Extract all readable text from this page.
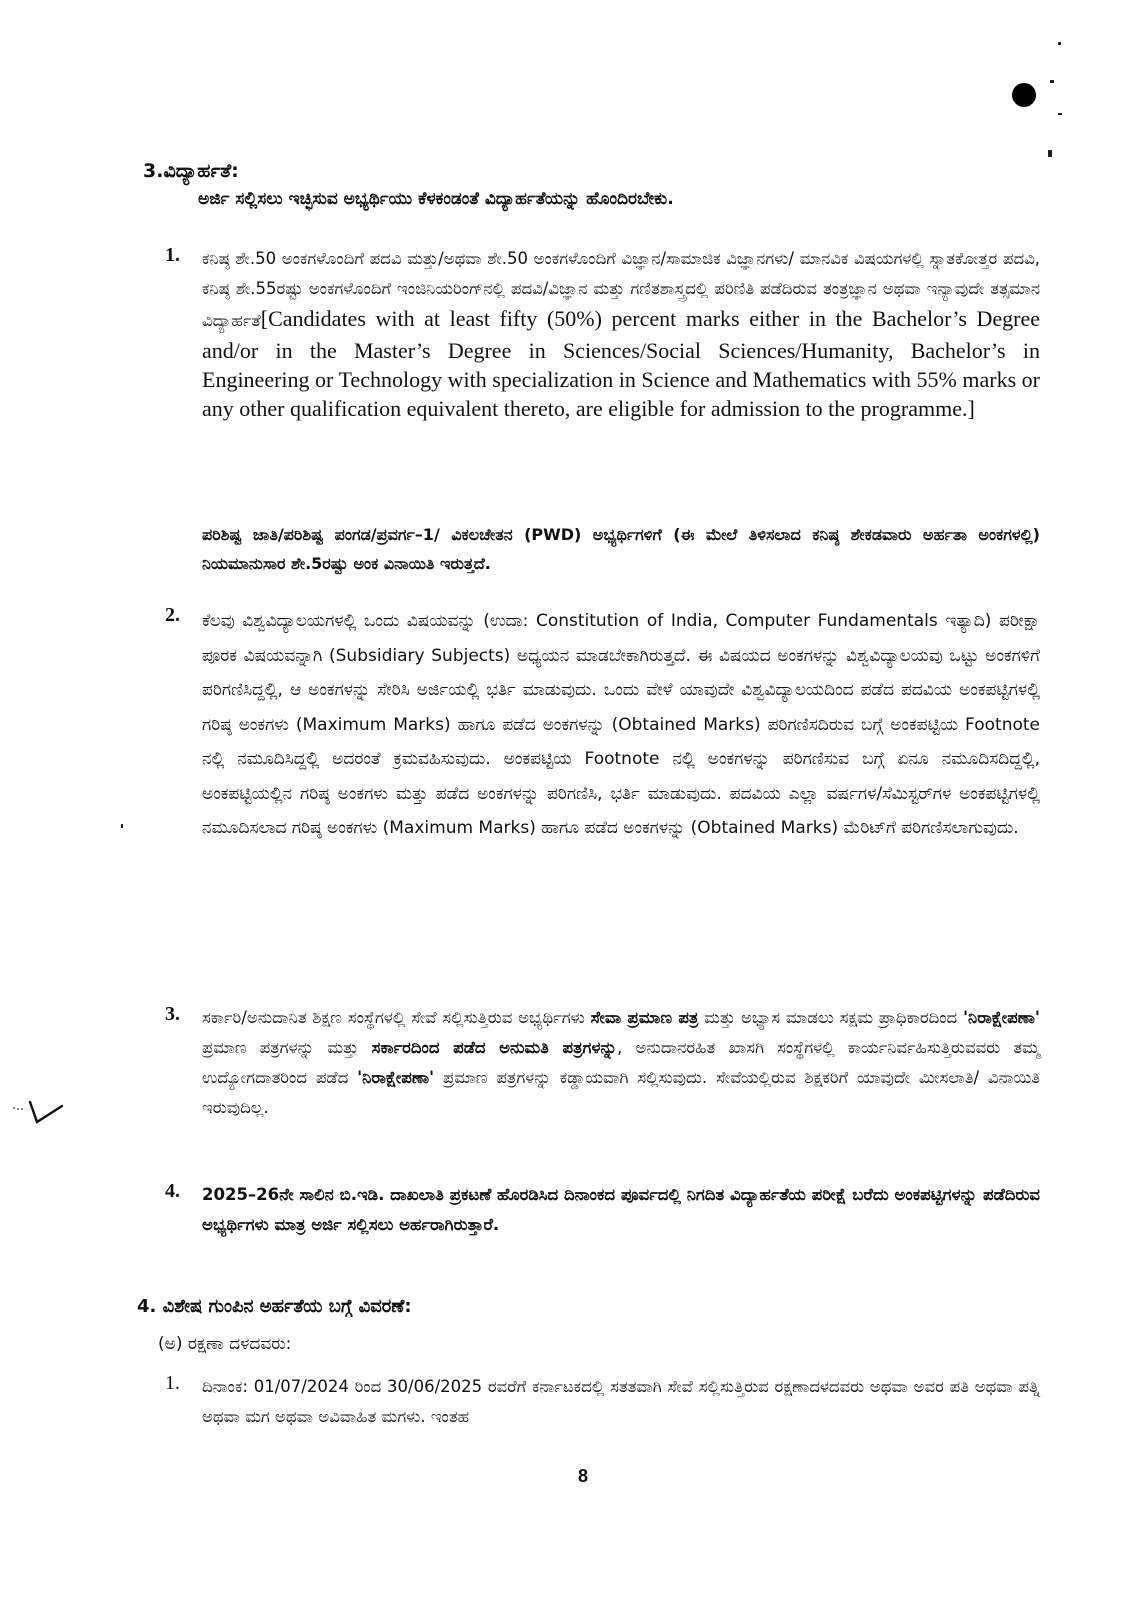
3.ವಿದ್ಯಾರ್ಹತೆ:
ಅರ್ಜಿ ಸಲ್ಲಿಸಲು ಇಚ್ಛಿಸುವ ಅಭ್ಯರ್ಥಿಯು ಕೆಳಕಂಡಂತೆ ವಿದ್ಯಾರ್ಹತೆಯನ್ನು ಹೊಂದಿರಬೇಕು.
1.	ಕನಿಷ್ಠ ಶೇ.50 ಅಂಕಗಳೊಂದಿಗೆ ಪದವಿ ಮತ್ತು/ಅಥವಾ ಶೇ.50 ಅಂಕಗಳೊಂದಿಗೆ ವಿಜ್ಞಾನ/ಸಾಮಾಜಿಕ ವಿಜ್ಞಾನಗಳು/ ಮಾನವಿಕ ವಿಷಯಗಳಲ್ಲಿ ಸ್ನಾತಕೋತ್ತರ ಪದವಿ, ಕನಿಷ್ಠ ಶೇ.55ರಷ್ಟು ಅಂಕಗಳೊಂದಿಗೆ ಇಂಜಿನಿಯರಿಂಗ್‌ನಲ್ಲಿ ಪದವಿ/ವಿಜ್ಞಾನ ಮತ್ತು ಗಣಿತಶಾಸ್ತ್ರದಲ್ಲಿ ಪರಿಣಿತಿ ಪಡೆದಿರುವ ತಂತ್ರಜ್ಞಾನ ಅಥವಾ ಇನ್ಯಾವುದೇ ತತ್ಸಮಾನ ವಿದ್ಯಾರ್ಹತೆ[Candidates with at least fifty (50%) percent marks either in the Bachelor’s Degree and/or in the Master’s Degree in Sciences/Social Sciences/Humanity, Bachelor’s in Engineering or Technology with specialization in Science and Mathematics with 55% marks or any other qualification equivalent thereto, are eligible for admission to the programme.]
ಪರಿಶಿಷ್ಟ ಜಾತಿ/ಪರಿಶಿಷ್ಟ ಪಂಗಡ/ಪ್ರವರ್ಗ–1/ ವಿಕಲಚೇತನ (PWD) ಅಭ್ಯರ್ಥಿಗಳಿಗೆ (ಈ ಮೇಲೆ ತಿಳಿಸಲಾದ ಕನಿಷ್ಠ ಶೇಕಡವಾರು ಅರ್ಹತಾ ಅಂಕಗಳಲ್ಲಿ) ನಿಯಮಾನುಸಾರ ಶೇ.5ರಷ್ಟು ಅಂಕ ವಿನಾಯಿತಿ ಇರುತ್ತದೆ.
2.	ಕೆಲವು ವಿಶ್ವವಿದ್ಯಾಲಯಗಳಲ್ಲಿ ಒಂದು ವಿಷಯವನ್ನು (ಉದಾ: Constitution of India, Computer Fundamentals ಇತ್ಯಾದಿ) ಪರೀಕ್ಷಾ ಪೂರಕ ವಿಷಯವನ್ನಾಗಿ (Subsidiary Subjects) ಅಧ್ಯಯನ ಮಾಡಬೇಕಾಗಿರುತ್ತದೆ. ಈ ವಿಷಯದ ಅಂಕಗಳನ್ನು ವಿಶ್ವವಿದ್ಯಾಲಯವು ಒಟ್ಟು ಅಂಕಗಳಿಗೆ ಪರಿಗಣಿಸಿದ್ದಲ್ಲಿ, ಆ ಅಂಕಗಳನ್ನು ಸೇರಿಸಿ ಅರ್ಜಿಯಲ್ಲಿ ಭರ್ತಿ ಮಾಡುವುದು. ಒಂದು ವೇಳೆ ಯಾವುದೇ ವಿಶ್ವವಿದ್ಯಾಲಯದಿಂದ ಪಡೆದ ಪದವಿಯ ಅಂಕಪಟ್ಟಿಗಳಲ್ಲಿ ಗರಿಷ್ಠ ಅಂಕಗಳು (Maximum Marks) ಹಾಗೂ ಪಡೆದ ಅಂಕಗಳನ್ನು (Obtained Marks) ಪರಿಗಣಿಸದಿರುವ ಬಗ್ಗೆ ಅಂಕಪಟ್ಟಿಯ Footnote ನಲ್ಲಿ ನಮೂದಿಸಿದ್ದಲ್ಲಿ ಅದರಂತೆ ಕ್ರಮವಹಿಸುವುದು. ಅಂಕಪಟ್ಟಿಯ Footnote ನಲ್ಲಿ ಅಂಕಗಳನ್ನು ಪರಿಗಣಿಸುವ ಬಗ್ಗೆ ಏನೂ ನಮೂದಿಸದಿದ್ದಲ್ಲಿ, ಅಂಕಪಟ್ಟಿಯಲ್ಲಿನ ಗರಿಷ್ಠ ಅಂಕಗಳು ಮತ್ತು ಪಡೆದ ಅಂಕಗಳನ್ನು ಪರಿಗಣಿಸಿ, ಭರ್ತಿ ಮಾಡುವುದು. ಪದವಿಯ ಎಲ್ಲಾ ವರ್ಷಗಳ/ಸೆಮಿಸ್ಟರ್‌ಗಳ ಅಂಕಪಟ್ಟಿಗಳಲ್ಲಿ ನಮೂದಿಸಲಾದ ಗರಿಷ್ಠ ಅಂಕಗಳು (Maximum Marks) ಹಾಗೂ ಪಡೆದ ಅಂಕಗಳನ್ನು (Obtained Marks) ಮೆರಿಟ್‌ಗೆ ಪರಿಗಣಿಸಲಾಗುವುದು.
3.	ಸರ್ಕಾರಿ/ಅನುದಾನಿತ ಶಿಕ್ಷಣ ಸಂಸ್ಥೆಗಳಲ್ಲಿ ಸೇವೆ ಸಲ್ಲಿಸುತ್ತಿರುವ ಅಭ್ಯರ್ಥಿಗಳು ಸೇವಾ ಪ್ರಮಾಣ ಪತ್ರ ಮತ್ತು ಅಭ್ಯಾಸ ಮಾಡಲು ಸಕ್ಷಮ ಪ್ರಾಧಿಕಾರದಿಂದ 'ನಿರಾಕ್ಷೇಪಣಾ' ಪ್ರಮಾಣ ಪತ್ರಗಳನ್ನು ಮತ್ತು ಸರ್ಕಾರದಿಂದ ಪಡೆದ ಅನುಮತಿ ಪತ್ರಗಳನ್ನು, ಅನುದಾನರಹಿತ ಖಾಸಗಿ ಸಂಸ್ಥೆಗಳಲ್ಲಿ ಕಾರ್ಯನಿರ್ವಹಿಸುತ್ತಿರುವವರು ತಮ್ಮ ಉದ್ಯೋಗದಾತರಿಂದ ಪಡೆದ 'ನಿರಾಕ್ಷೇಪಣಾ' ಪ್ರಮಾಣ ಪತ್ರಗಳನ್ನು ಕಡ್ಡಾಯವಾಗಿ ಸಲ್ಲಿಸುವುದು. ಸೇವೆಯಲ್ಲಿರುವ ಶಿಕ್ಷಕರಿಗೆ ಯಾವುದೇ ಮೀಸಲಾತಿ/ ವಿನಾಯಿತಿ ಇರುವುದಿಲ್ಲ.
4.	2025–26ನೇ ಸಾಲಿನ ಬಿ.ಇಡಿ. ದಾಖಲಾತಿ ಪ್ರಕಟಣೆ ಹೊರಡಿಸಿದ ದಿನಾಂಕದ ಪೂರ್ವದಲ್ಲಿ ನಿಗದಿತ ವಿದ್ಯಾರ್ಹತೆಯ ಪರೀಕ್ಷೆ ಬರೆದು ಅಂಕಪಟ್ಟಿಗಳನ್ನು ಪಡೆದಿರುವ ಅಭ್ಯರ್ಥಿಗಳು ಮಾತ್ರ ಅರ್ಜಿ ಸಲ್ಲಿಸಲು ಅರ್ಹರಾಗಿರುತ್ತಾರೆ.
4. ವಿಶೇಷ ಗುಂಪಿನ ಅರ್ಹತೆಯ ಬಗ್ಗೆ ವಿವರಣೆ:
(ಅ) ರಕ್ಷಣಾ ದಳದವರು:
1.	ದಿನಾಂಕ: 01/07/2024 ರಿಂದ 30/06/2025 ರವರೆಗೆ ಕರ್ನಾಟಕದಲ್ಲಿ ಸತತವಾಗಿ ಸೇವೆ ಸಲ್ಲಿಸುತ್ತಿರುವ ರಕ್ಷಣಾದಳದವರು ಅಥವಾ ಅವರ ಪತಿ ಅಥವಾ ಪತ್ನಿ ಅಥವಾ ಮಗ ಅಥವಾ ಅವಿವಾಹಿತ ಮಗಳು. ಇಂತಹ
8
